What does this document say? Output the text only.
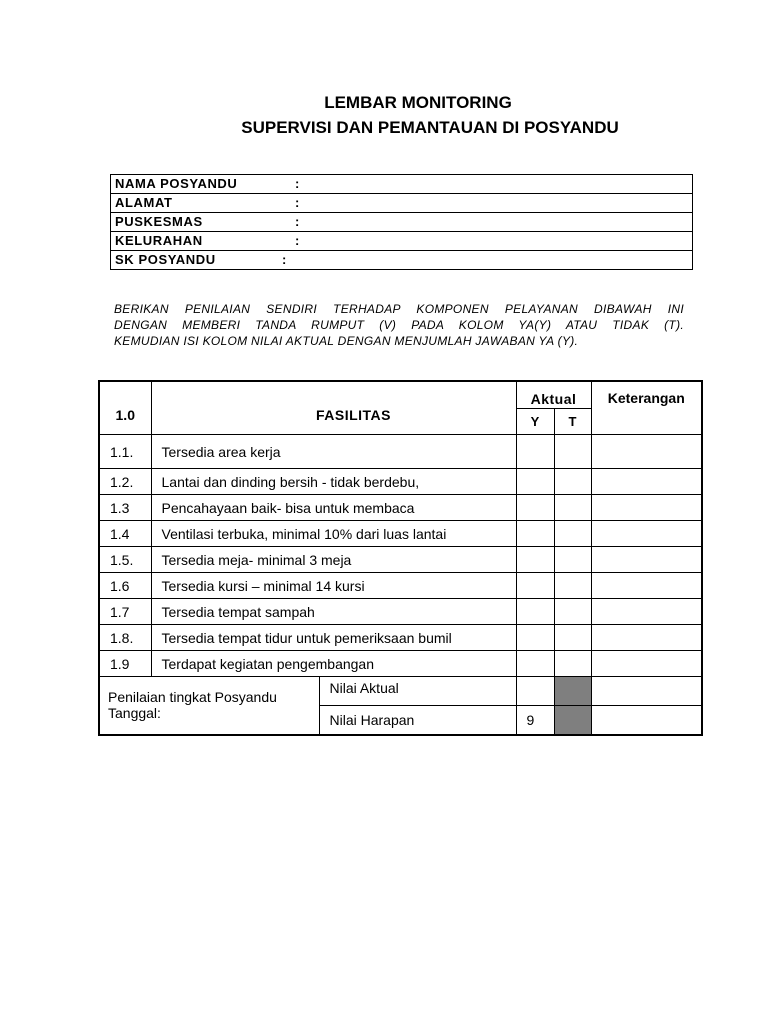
LEMBAR MONITORING
SUPERVISI DAN PEMANTAUAN DI POSYANDU
NAMA POSYANDU	:
ALAMAT	:
PUSKESMAS	:
KELURAHAN	:
SK POSYANDU	:
BERIKAN PENILAIAN SENDIRI TERHADAP KOMPONEN PELAYANAN DIBAWAH INI
DENGAN MEMBERI TANDA RUMPUT (V) PADA KOLOM YA(Y) ATAU TIDAK (T).
KEMUDIAN ISI KOLOM NILAI AKTUAL DENGAN MENJUMLAH JAWABAN YA (Y).
1.0	FASILITAS		Aktual		Keterangan
			Y	T	
1.1.	Tersedia area kerja				
1.2.	Lantai dan dinding bersih - tidak berdebu,				
1.3	Pencahayaan baik- bisa untuk membaca				
1.4	Ventilasi terbuka, minimal 10% dari luas lantai				
1.5.	Tersedia meja- minimal 3 meja				
1.6	Tersedia kursi – minimal 14 kursi				
1.7	Tersedia tempat sampah				
1.8.	Tersedia tempat tidur untuk pemeriksaan bumil				
1.9	Terdapat kegiatan pengembangan				

Penilaian tingkat Posyandu
Tanggal:		Nilai Aktual			
		Nilai Harapan	9		
